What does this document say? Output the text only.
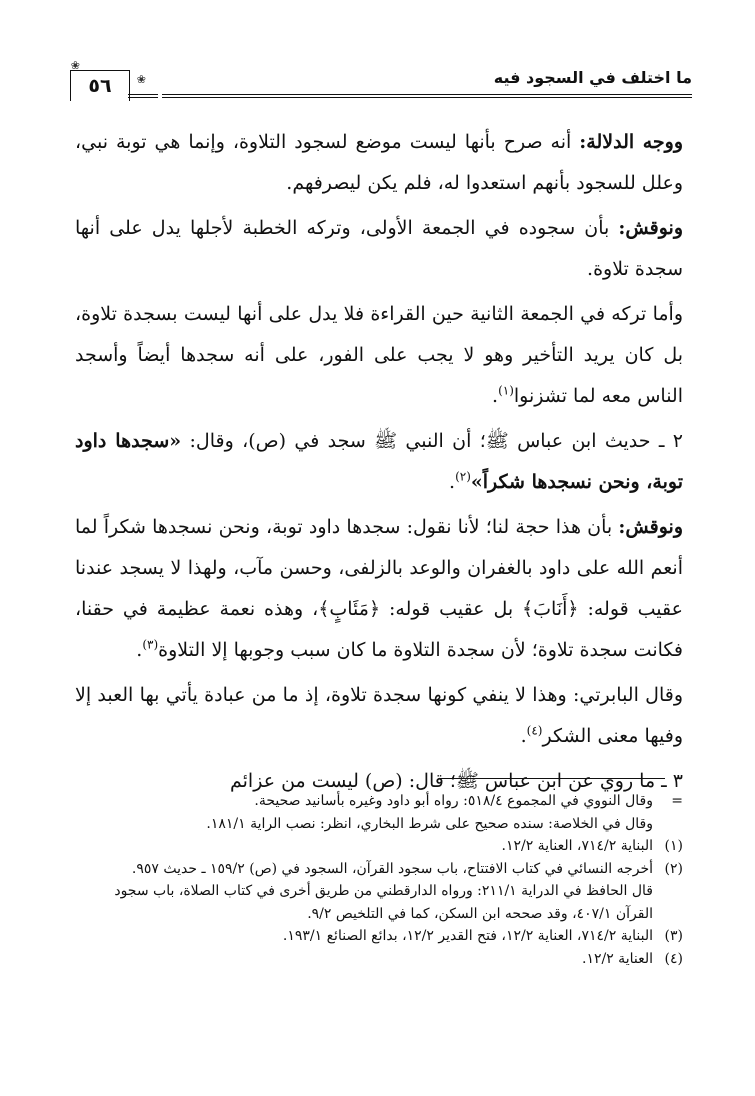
ما اختلف في السجود فيه
٥٦	❀
❀

ووجه الدلالة: أنه صرح بأنها ليست موضع لسجود التلاوة، وإنما هي توبة نبي، وعلل للسجود بأنهم استعدوا له، فلم يكن ليصرفهم.

ونوقش: بأن سجوده في الجمعة الأولى، وتركه الخطبة لأجلها يدل على أنها سجدة تلاوة.

وأما تركه في الجمعة الثانية حين القراءة فلا يدل على أنها ليست بسجدة تلاوة، بل كان يريد التأخير وهو لا يجب على الفور، على أنه سجدها أيضاً وأسجد الناس معه لما تشزنوا$^{(١)}$.

٢ ـ حديث ابن عباس ﷺ؛ أن النبي ﷺ سجد في (ص)، وقال: «سجدها داود توبة، ونحن نسجدها شكراً»$^{(٢)}$.

ونوقش: بأن هذا حجة لنا؛ لأنا نقول: سجدها داود توبة، ونحن نسجدها شكراً لما أنعم الله على داود بالغفران والوعد بالزلفى، وحسن مآب، ولهذا لا يسجد عندنا عقيب قوله: ﴿أَنَابَ﴾ بل عقيب قوله: ﴿مَئَابٍ﴾، وهذه نعمة عظيمة في حقنا، فكانت سجدة تلاوة؛ لأن سجدة التلاوة ما كان سبب وجوبها إلا التلاوة$^{(٣)}$.

وقال البابرتي: وهذا لا ينفي كونها سجدة تلاوة، إذ ما من عبادة يأتي بها العبد إلا وفيها معنى الشكر$^{(٤)}$.

٣ ـ ما روي عن ابن عباس ﷺ؛ قال: (ص) ليست من عزائم

=
وقال النووي في المجموع ٥١٨/٤: رواه أبو داود وغيره بأسانيد صحيحة.
وقال في الخلاصة: سنده صحيح على شرط البخاري، انظر: نصب الراية ١٨١/١.
(١)
البناية ٧١٤/٢، العناية ١٢/٢.
(٢)
أخرجه النسائي في كتاب الافتتاح، باب سجود القرآن، السجود في (ص) ١٥٩/٢ ـ حديث ٩٥٧.
قال الحافظ في الدراية ٢١١/١: ورواه الدارقطني من طريق أخرى في كتاب الصلاة، باب سجود القرآن ٤٠٧/١، وقد صححه ابن السكن، كما في التلخيص ٩/٢.
(٣)
البناية ٧١٤/٢، العناية ١٢/٢، فتح القدير ١٢/٢، بدائع الصنائع ١٩٣/١.
(٤)
العناية ١٢/٢.
